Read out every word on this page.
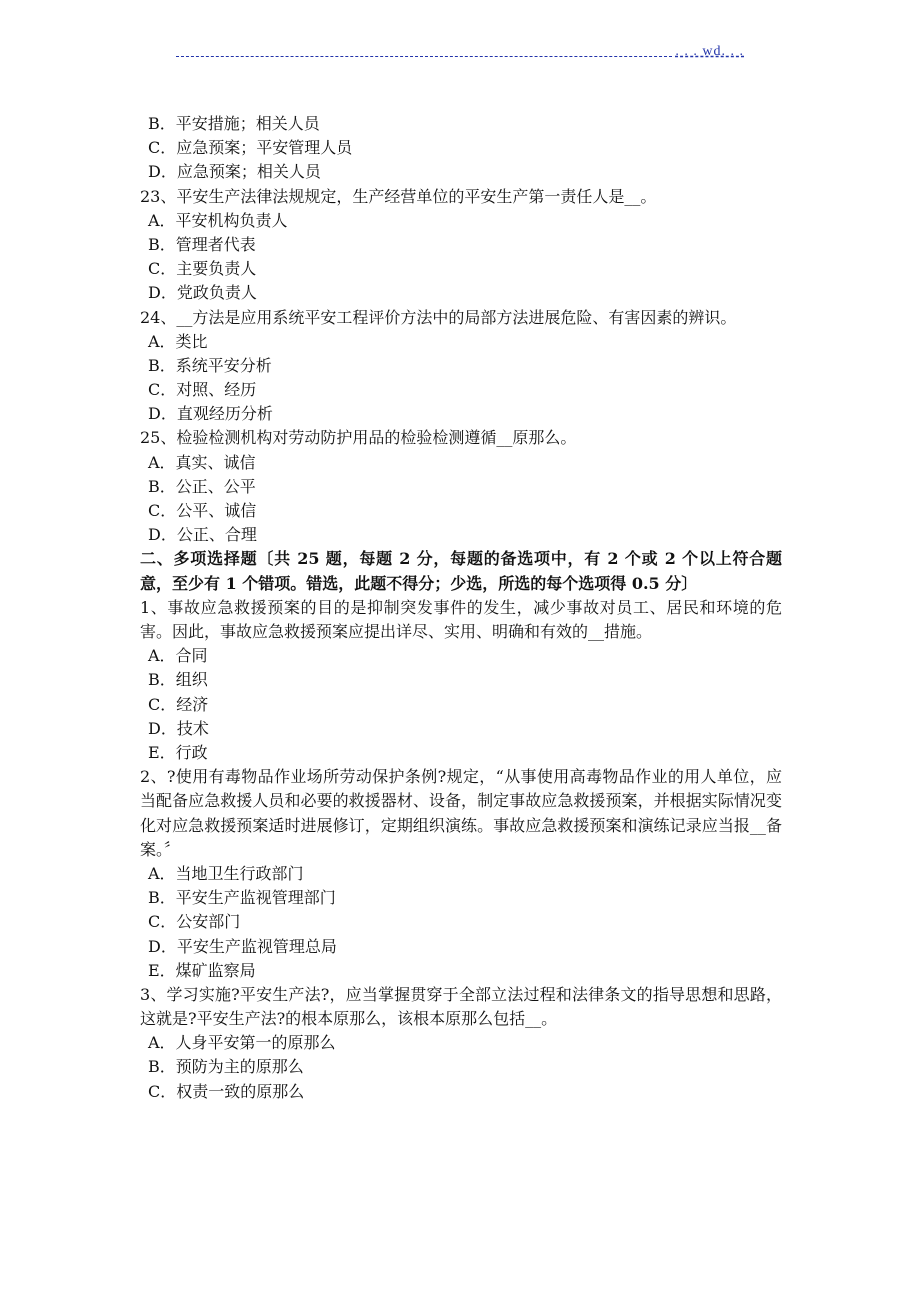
. . . wd. . .
B．平安措施；相关人员
C．应急预案；平安管理人员
D．应急预案；相关人员
23、平安生产法律法规规定，生产经营单位的平安生产第一责任人是__。
A．平安机构负责人
B．管理者代表
C．主要负责人
D．党政负责人
24、__方法是应用系统平安工程评价方法中的局部方法进展危险、有害因素的辨识。
A．类比
B．系统平安分析
C．对照、经历
D．直观经历分析
25、检验检测机构对劳动防护用品的检验检测遵循__原那么。
A．真实、诚信
B．公正、公平
C．公平、诚信
D．公正、合理
二、多项选择题〔共 25 题，每题 2 分，每题的备选项中，有 2 个或 2 个以上符合题意，至少有 1 个错项。错选，此题不得分；少选，所选的每个选项得 0.5 分〕
1、事故应急救援预案的目的是抑制突发事件的发生，减少事故对员工、居民和环境的危害。因此，事故应急救援预案应提出详尽、实用、明确和有效的__措施。
A．合同
B．组织
C．经济
D．技术
E．行政
2、?使用有毒物品作业场所劳动保护条例?规定，“从事使用高毒物品作业的用人单位，应当配备应急救援人员和必要的救援器材、设备，制定事故应急救援预案，并根据实际情况变化对应急救援预案适时进展修订，定期组织演练。事故应急救援预案和演练记录应当报__备案。〞
A．当地卫生行政部门
B．平安生产监视管理部门
C．公安部门
D．平安生产监视管理总局
E．煤矿监察局
3、学习实施?平安生产法?，应当掌握贯穿于全部立法过程和法律条文的指导思想和思路，这就是?平安生产法?的根本原那么，该根本原那么包括__。
A．人身平安第一的原那么
B．预防为主的原那么
C．权责一致的原那么
